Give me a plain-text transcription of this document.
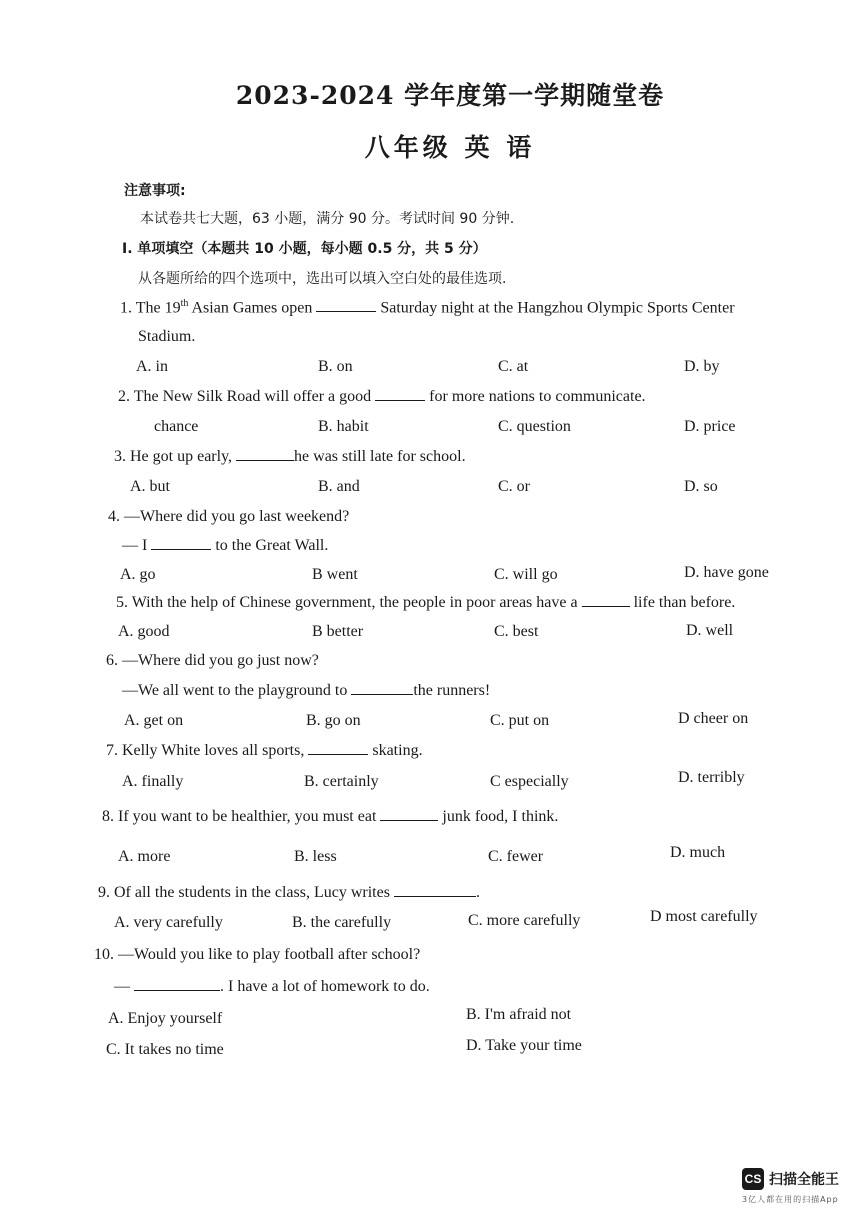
2023-2024 学年度第一学期随堂卷
八年级 英 语
注意事项:
本试卷共七大题，63 小题，满分 90 分。考试时间 90 分钟.
I. 单项填空（本题共 10 小题，每小题 0.5 分，共 5 分）
从各题所给的四个选项中，选出可以填入空白处的最佳选项.
1. The 19th Asian Games open	Saturday night at the Hangzhou Olympic Sports Center
Stadium.
A. in	B. on	C. at	D. by
2. The New Silk Road will offer a good	for more nations to communicate.
chance	B. habit	C. question	D. price
3. He got up early,	he was still late for school.
A. but	B. and	C. or	D. so
4. —Where did you go last weekend?
— I	to the Great Wall.
A. go	B went	C. will go	D. have gone
5. With the help of Chinese government, the people in poor areas have a	life than before.
A. good	B better	C. best	D. well
6. —Where did you go just now?
—We all went to the playground to	the runners!
A. get on	B. go on	C. put on	D cheer on
7. Kelly White loves all sports,	skating.
A. finally	B. certainly	C especially	D. terribly
8. If you want to be healthier, you must eat	junk food, I think.
A. more	B. less	C. fewer	D. much
9. Of all the students in the class, Lucy writes	.
A. very carefully	B. the carefully	C. more carefully	D most carefully
10. —Would you like to play football after school?
—	. I have a lot of homework to do.
A. Enjoy yourself	B. I'm afraid not
C. It takes no time	D. Take your time
CS 扫描全能王
3亿人都在用的扫描App
